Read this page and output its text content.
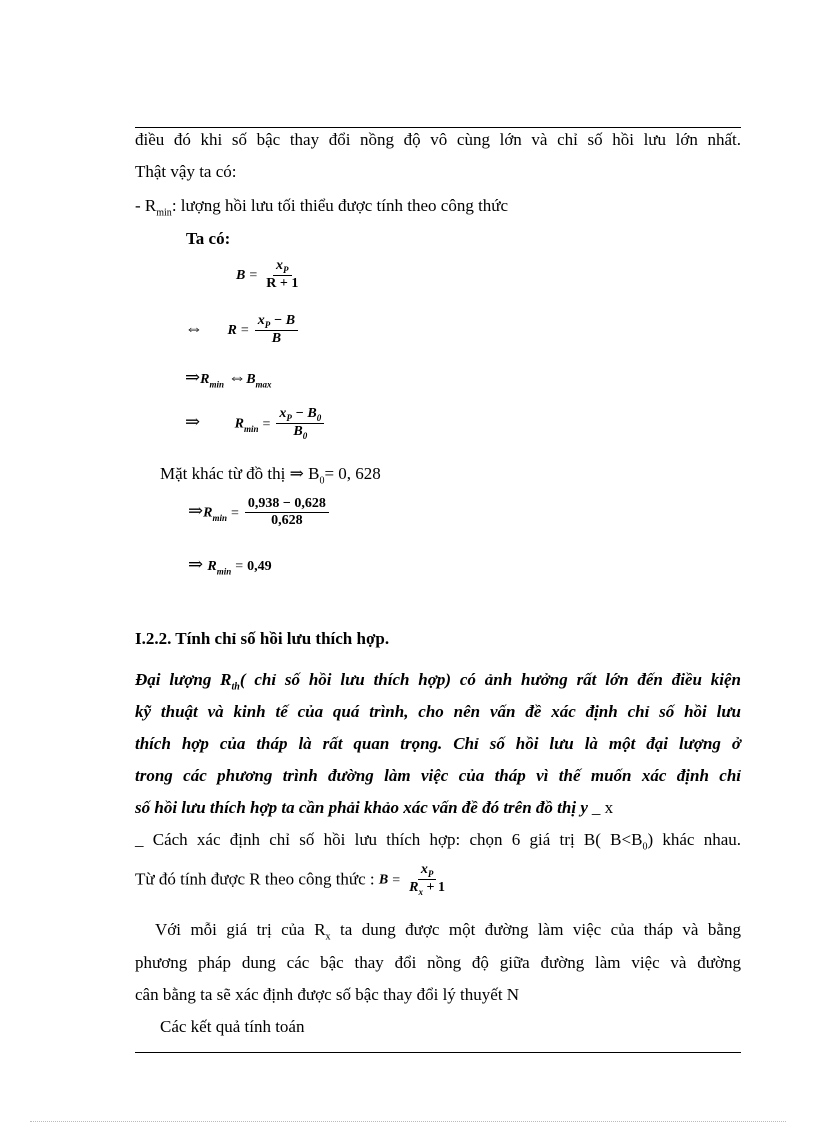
điều đó khi số bậc thay đổi nồng độ vô cùng lớn và chỉ số hồi lưu lớn nhất.
Thật vậy ta có:
- $R_{min}$: lượng hồi lưu tối thiểu được tính theo công thức
Ta có:
$B = \frac{x_P}{R + 1}$
⇔ $R = \frac{x_P - B}{B}$
$\Rightarrow R_{min}$ $\Leftrightarrow B_{max}$
⇒ $R_{min} = \frac{x_P - B_0}{B_0}$
Mặt khác từ đồ thị ⇒ $B_0= 0$, 628
$\Rightarrow R_{min} = \frac{0,938 - 0,628}{0,628}$
⇒ $R_{min} = 0,49$
I.2.2. Tính chỉ số hồi lưu thích hợp.
Đại lượng $R_{th}$( chỉ số hồi lưu thích hợp) có ảnh hưởng rất lớn đến điều kiện
kỹ thuật và kinh tế của quá trình, cho nên vấn đề xác định chỉ số hồi lưu
thích hợp của tháp là rất quan trọng. Chỉ số hồi lưu là một đại lượng ở
trong các phương trình đường làm việc của tháp vì thế muốn xác định chỉ
số hồi lưu thích hợp ta cần phải khảo xác vấn đề đó trên đồ thị y _ x
_ Cách xác định chỉ số hồi lưu thích hợp: chọn 6 giá trị B( $B<B_0$) khác nhau.
Từ đó tính được R theo công thức : $B = \frac{x_P}{R_x + 1}$
Với mỗi giá trị của $R_x$ ta dung được một đường làm việc của tháp và bằng
phương pháp dung các bậc thay đổi nồng độ giữa đường làm việc và đường
cân bằng ta sẽ xác định được số bậc thay đổi lý thuyết N
Các kết quả tính toán
